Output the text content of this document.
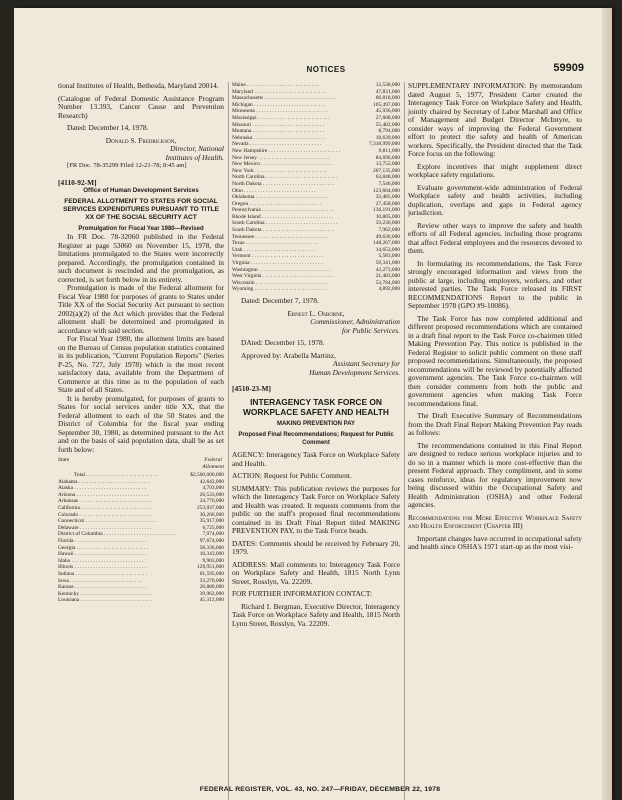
NOTICES	59909

tional Institutes of Health, Bethesda, Maryland 20014.

(Catalogue of Federal Domestic Assistance Program Number 13.393, Cancer Cause and Prevention Research)

Dated: December 14, 1978.

Donald S. Fredrickson,

Director, National

Institutes of Health.

[FR Doc. 78-35299 Filed 12-21-78; 8:45 am]

[4110-92-M]

Office of Human Development Services

FEDERAL ALLOTMENT TO STATES FOR SOCIAL SERVICES EXPENDITURES PURSUANT TO TITLE XX OF THE SOCIAL SECURITY ACT

Promulgation for Fiscal Year 1980—Revised

In FR Doc. 78-32060 published in the Federal Register at page 53060 on November 15, 1978, the limitations promulgated to the States were incorrectly prepared. Accordingly, the promulgation contained in such document is rescinded and the promulgation, as corrected, is set forth below in its entirety.

Promulgation is made of the Federal allotment for Fiscal Year 1980 for purposes of grants to States under Title XX of the Social Security Act pursuant to section 2002(a)(2) of the Act which provides that the Federal allotment shall be determined and promulgated in accordance with said section.

For Fiscal Year 1980, the allotment limits are based on the Bureau of Census population statistics contained in its publication, "Current Population Reports" (Series P-25, No. 727, July 1978) which is the most recent satisfactory data, available from the Department of Commerce at this time as to the population of each State and of all States.

It is hereby promulgated, for purposes of grants to States for social services under title XX, that the Federal allotment to each of the 50 States and the District of Columbia for the fiscal year ending September 30, 1980, as determined pursuant to the Act and on the basis of said population data, shall be as set forth below:

State	Federal
Allotment

Total . . .	$2,500,000,000
Alabama . . .	42,642,000
Alaska . . .	4,703,000
Arizona . . .	26,533,000
Arkansas . . .	24,776,000
California . . .	253,037,000
Colorado . . .	30,266,000
Connecticut . . .	35,917,000
Delaware . . .	6,725,000
District of Columbia . . .	7,974,000
Florida . . .	97,674,000
Georgia . . .	58,336,000
Hawaii . . .	10,343,000
Idaho . . .	9,903,000
Illinois . . .	129,951,000
Indiana . . .	61,595,000
Iowa . . .	33,270,000
Kansas . . .	26,880,000
Kentucky . . .	39,962,000
Louisiana . . .	45,312,000
Maine . . .	12,538,000
Maryland . . .	47,831,000
Massachusetts . . .	66,818,000
Michigan . . .	105,497,000
Minnesota . . .	45,936,000
Mississippi . . .	27,608,000
Missouri . . .	55,482,000
Montana . . .	8,794,000
Nebraska . . .	18,639,000
Nevada . . .	7,318,999,000
New Hampshire . . .	9,811,000
New Jersey . . .	84,696,000
New Mexico . . .	13,752,000
New York . . .	207,135,000
North Carolina . . .	63,848,000
North Dakota . . .	7,546,000
Ohio . . .	123,664,000
Oklahoma . . .	32,485,000
Oregon . . .	27,458,000
Pennsylvania . . .	136,191,000
Rhode Island . . .	10,805,000
South Carolina . . .	33,236,000
South Dakota . . .	7,962,000
Tennessee . . .	49,630,000
Texas . . .	148,267,000
Utah . . .	14,653,000
Vermont . . .	5,583,000
Virginia . . .	59,341,000
Washington . . .	42,273,000
West Virginia . . .	21,483,000
Wisconsin . . .	53,784,000
Wyoming . . .	4,892,000

Dated: December 7, 1978.

Ernest L. Osborne,

Commissioner, Administration

for Public Services.

DAted: December 15, 1978.

Approved by: Arabella Martinz,

Assistant Secretary for

Human Development Services.

[4510-23-M]

INTERAGENCY TASK FORCE ON WORKPLACE SAFETY AND HEALTH

MAKING PREVENTION PAY

Proposed Final Recommendations; Request for Public Comment

AGENCY: Interagency Task Force on Workplace Safety and Health.

ACTION: Request for Public Comment.

SUMMARY: This publication reviews the purposes for which the Interagency Task Force on Workplace Safety and Health was created. It requests comments from the public on the staff's proposed final recommendations contained in its Draft Final Report titled MAKING PREVENTION PAY, to the Task Force heads.

DATES: Comments should be received by February 20, 1979.

ADDRESS: Mail comments to: Interagency Task Force on Workplace Safety and Health, 1815 North Lynn Street, Rosslyn, Va. 22209.

FOR FURTHER INFORMATION CONTACT:

Richard I. Bergman, Executive Director, Interagency Task Force on Workplace Safety and Health, 1815 North Lynn Street, Rosslyn, Va. 22209.

SUPPLEMENTARY INFORMATION: By memorandum dated August 5, 1977, President Carter created the Interagency Task Force on Workplace Safety and Health, jointly chaired by Secretary of Labor Marshall and Office of Management and Budget Director McIntyre, to consider ways of improving the Federal Government effort to protect the safety and health of American workers. Specifically, the President directed that the Task Force focus on the following:

Explore incentives that might supplement direct workplace safety regulations.

Evaluate government-wide administration of Federal Workplace safety and health activities, including duplication, overlaps and gaps in Federal agency jurisdiction.

Review other ways to improve the safety and health efforts of all Federal agencies, including those programs that affect Federal employees and the resources devoted to them.

In formulating its recommendations, the Task Force strongly encouraged information and views from the public at large, including employers, workers, and other interested parties. The Task Force released its FIRST RECOMMENDATIONS Report to the public in September 1978 (GPO #9-10086).

The Task Force has now completed additional and different proposed recommendations which are contained in a draft final report to the Task Force co-chairmen titled Making Prevention Pay. This notice is published in the Federal Register to solicit public comment on these staff proposed recommendations. Simultaneously, the proposed recommendations will be reviewed by potentially affected government agencies. The Task Force co-chairmen will then consider comments from both the public and government agencies when making Task Force recommendations final.

The Draft Executive Summary of Recommendations from the Draft Final Report Making Prevention Pay reads as follows:

The recommendations contained in this Final Report are designed to reduce serious workplace injuries and to do so in a manner which is more cost-effective than the present Federal approach. They compliment, and in some cases reinforce, ideas for regulatory improvement now being discussed within the Occupational Safety and Health Administration (OSHA) and other Federal agencies.

Recommendations for More Effective Workplace Safety and Health Enforcement (Chapter III)

Important changes have occurred in occupational safety and health since OSHA's 1971 start-up as the most visi-

FEDERAL REGISTER, VOL. 43, NO. 247—FRIDAY, DECEMBER 22, 1978
